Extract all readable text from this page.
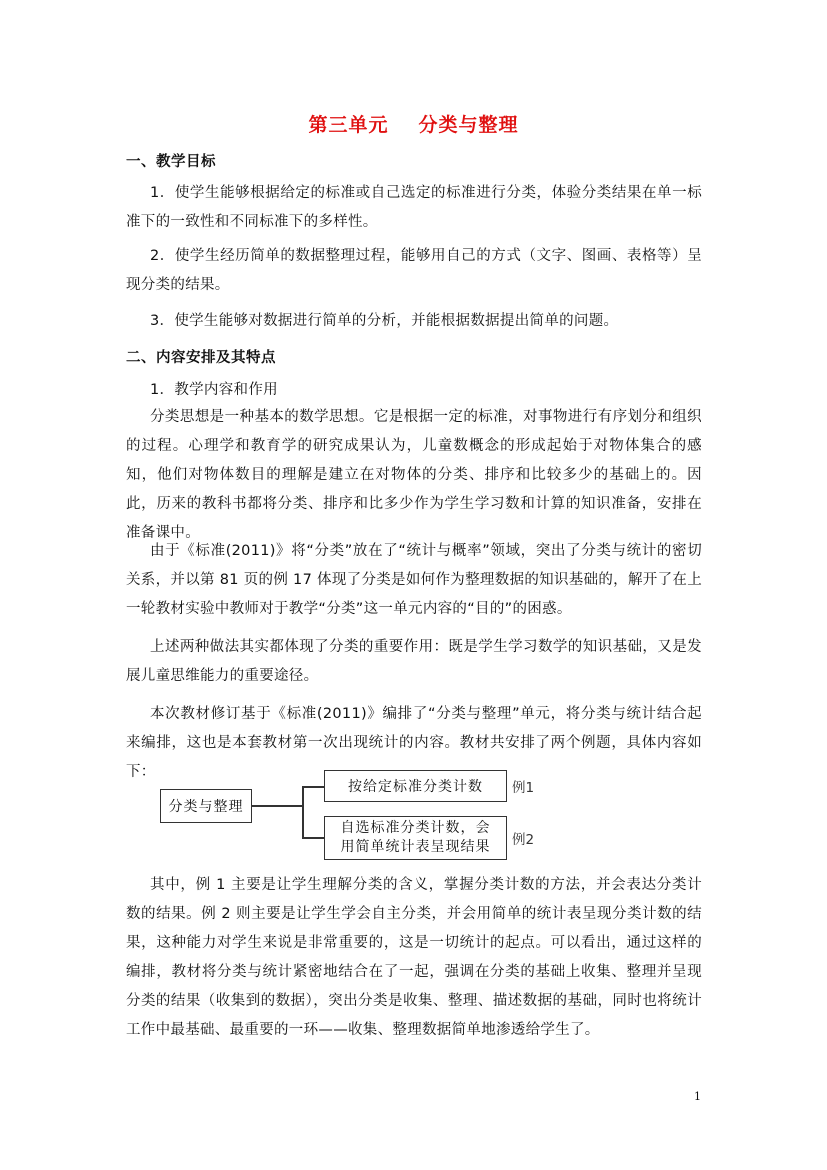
第三单元 分类与整理
一、教学目标
1．使学生能够根据给定的标准或自己选定的标准进行分类，体验分类结果在单一标准下的一致性和不同标准下的多样性。
2．使学生经历简单的数据整理过程，能够用自己的方式（文字、图画、表格等）呈现分类的结果。
3．使学生能够对数据进行简单的分析，并能根据数据提出简单的问题。
二、内容安排及其特点
1．教学内容和作用
分类思想是一种基本的数学思想。它是根据一定的标准，对事物进行有序划分和组织的过程。心理学和教育学的研究成果认为，儿童数概念的形成起始于对物体集合的感知，他们对物体数目的理解是建立在对物体的分类、排序和比较多少的基础上的。因此，历来的教科书都将分类、排序和比多少作为学生学习数和计算的知识准备，安排在准备课中。
由于《标准(2011)》将“分类”放在了“统计与概率”领域，突出了分类与统计的密切关系，并以第 81 页的例 17 体现了分类是如何作为整理数据的知识基础的，解开了在上一轮教材实验中教师对于教学“分类”这一单元内容的“目的”的困惑。
上述两种做法其实都体现了分类的重要作用：既是学生学习数学的知识基础，又是发展儿童思维能力的重要途径。
本次教材修订基于《标准(2011)》编排了“分类与整理”单元，将分类与统计结合起来编排，这也是本套教材第一次出现统计的内容。教材共安排了两个例题，具体内容如下：
分类与整理
按给定标准分类计数
自选标准分类计数，会
用简单统计表呈现结果
例1
例2
其中，例 1 主要是让学生理解分类的含义，掌握分类计数的方法，并会表达分类计数的结果。例 2 则主要是让学生学会自主分类，并会用简单的统计表呈现分类计数的结果，这种能力对学生来说是非常重要的，这是一切统计的起点。可以看出，通过这样的编排，教材将分类与统计紧密地结合在了一起，强调在分类的基础上收集、整理并呈现分类的结果（收集到的数据），突出分类是收集、整理、描述数据的基础，同时也将统计工作中最基础、最重要的一环——收集、整理数据简单地渗透给学生了。
1
